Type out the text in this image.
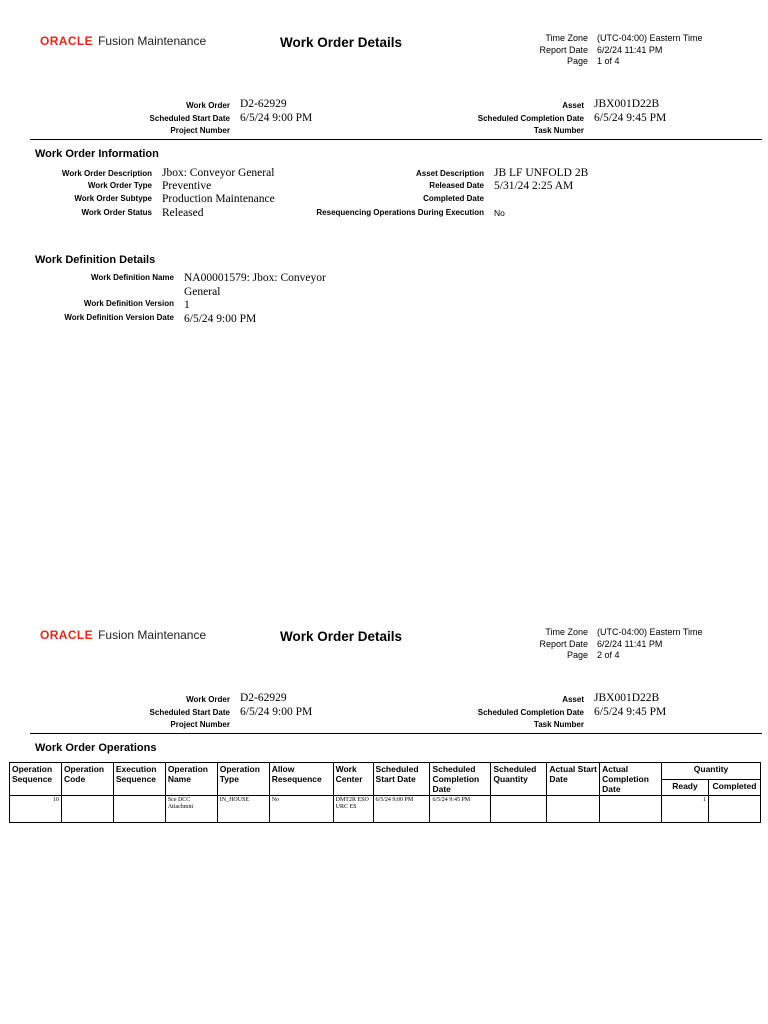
ORACLE Fusion Maintenance	Work Order Details	Time Zone	(UTC-04:00) Eastern Time
Report Date	6/2/24 11:41 PM
Page	1 of 4
Work Order D2-62929
Scheduled Start Date 6/5/24 9:00 PM
Project Number
Asset JBX001D22B
Scheduled Completion Date 6/5/24 9:45 PM
Task Number
Work Order Information
Work Order Description Jbox: Conveyor General
Work Order Type Preventive
Work Order Subtype Production Maintenance
Work Order Status Released
Asset Description JB LF UNFOLD 2B
Released Date 5/31/24 2:25 AM
Completed Date
Resequencing Operations During Execution No
Work Definition Details
Work Definition Name NA00001579: Jbox: Conveyor
General
Work Definition Version 1
Work Definition Version Date 6/5/24 9:00 PM
ORACLE Fusion Maintenance	Work Order Details	Time Zone	(UTC-04:00) Eastern Time
Report Date	6/2/24 11:41 PM
Page	2 of 4
Work Order D2-62929
Scheduled Start Date 6/5/24 9:00 PM
Project Number
Asset JBX001D22B
Scheduled Completion Date 6/5/24 9:45 PM
Task Number
Work Order Operations
Operation Sequence	Operation Code	Execution Sequence	Operation Name	Operation Type	Allow Resequence	Work Center	Scheduled Start Date	Scheduled Completion Date	Scheduled Quantity	Actual Start Date	Actual Completion Date	Quantity	
												Ready	Completed
10			Sce DCC Attachmnt	IN_HOUSE	No	DMT2R ESOURC ES	6/5/24 9:00 PM	6/5/24 9:45 PM				1	
